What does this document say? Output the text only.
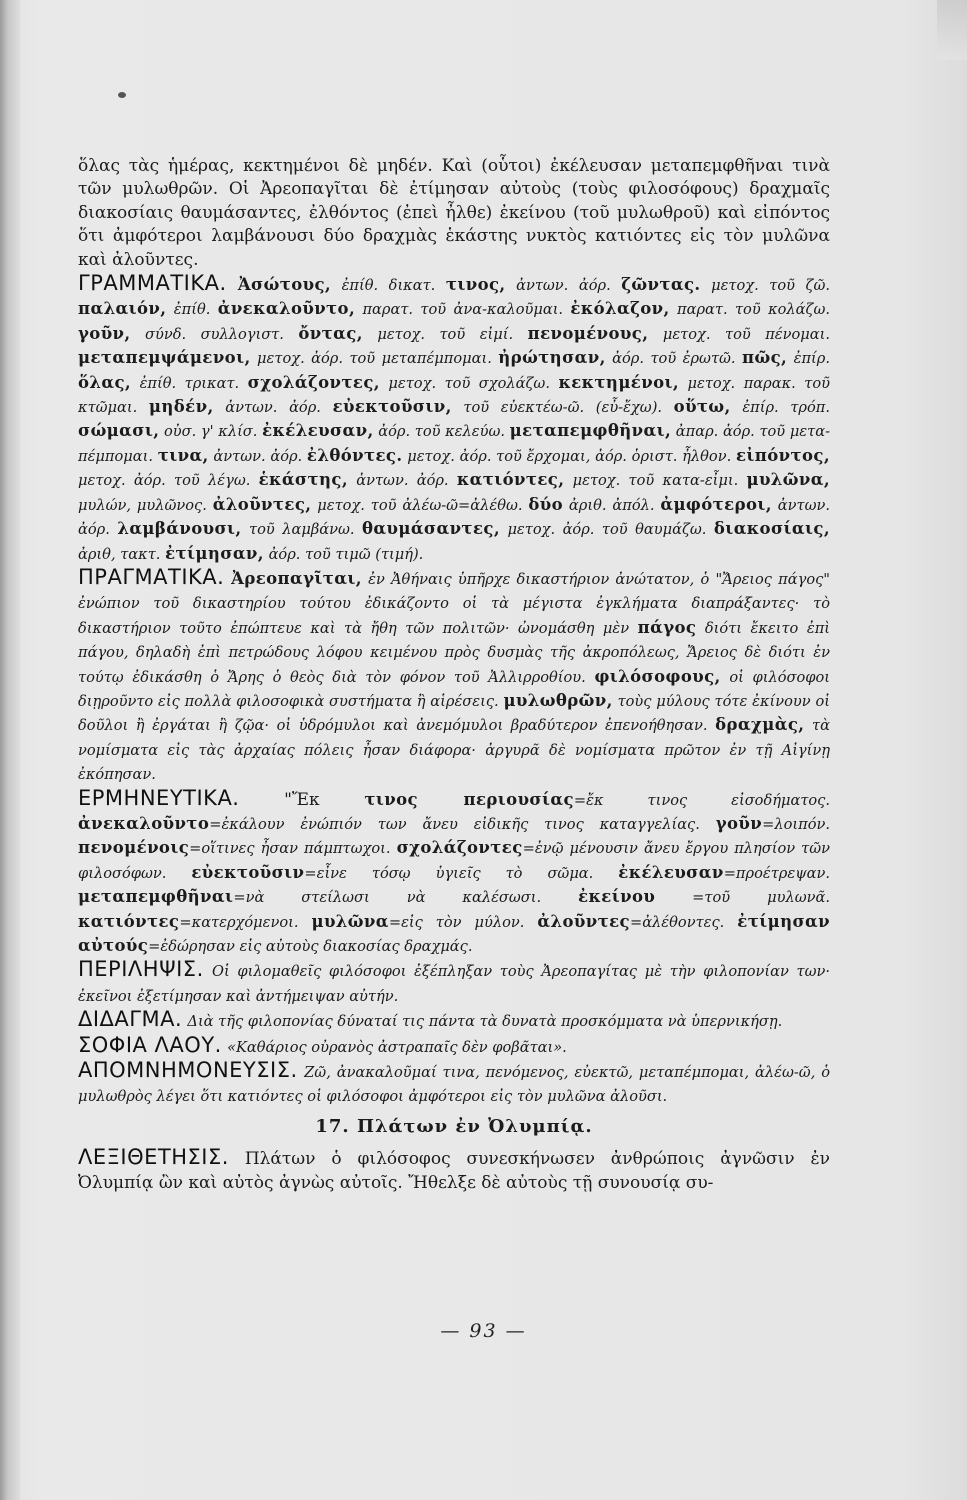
ὅλας τὰς ἡμέρας, κεκτημένοι δὲ μηδέν. Καὶ (οὗτοι) ἐκέλευσαν μεταπεμφθῆναι τινὰ τῶν μυλωθρῶν. Οἱ Ἀρεοπαγῖται δὲ ἐτίμησαν αὐτοὺς (τοὺς φιλοσόφους) δραχμαῖς διακοσίαις θαυμάσαντες, ἐλθόντος (ἐπεὶ ἦλθε) ἐκείνου (τοῦ μυλωθροῦ) καὶ εἰπόντος ὅτι ἀμφότεροι λαμβάνουσι δύο δραχμὰς ἑκάστης νυκτὸς κατιόντες εἰς τὸν μυλῶνα καὶ ἀλοῦντες.

ΓΡΑΜΜΑΤΙΚΑ. Ἀσώτους, ἐπίθ. δικατ. τινος, ἀντων. ἀόρ. ζῶντας. μετοχ. τοῦ ζῶ. παλαιόν, ἐπίθ. ἀνεκαλοῦντο, παρατ. τοῦ ἀνα-καλοῦμαι. ἐκόλαζον, παρατ. τοῦ κολάζω. γοῦν, σύνδ. συλλογιστ. ὄντας, μετοχ. τοῦ εἰμί. πενομένους, μετοχ. τοῦ πένομαι. μεταπεμψάμενοι, μετοχ. ἀόρ. τοῦ μεταπέμπομαι. ἠρώτησαν, ἀόρ. τοῦ ἐρωτῶ. πῶς, ἐπίρ. ὅλας, ἐπίθ. τρικατ. σχολάζοντες, μετοχ. τοῦ σχολάζω. κεκτημένοι, μετοχ. παρακ. τοῦ κτῶμαι. μηδέν, ἀντων. ἀόρ. εὐεκτοῦσιν, τοῦ εὐεκτέω-ῶ. (εὖ-ἔχω). οὕτω, ἐπίρ. τρόπ. σώμασι, οὐσ. γ' κλίσ. ἐκέλευσαν, ἀόρ. τοῦ κελεύω. μεταπεμφθῆναι, ἀπαρ. ἀόρ. τοῦ μετα-πέμπομαι. τινα, ἀντων. ἀόρ. ἐλθόντες. μετοχ. ἀόρ. τοῦ ἔρχομαι, ἀόρ. ὁριστ. ἦλθον. εἰπόντος, μετοχ. ἀόρ. τοῦ λέγω. ἑκάστης, ἀντων. ἀόρ. κατιόντες, μετοχ. τοῦ κατα-εἶμι. μυλῶνα, μυλών, μυλῶνος. ἀλοῦντες, μετοχ. τοῦ ἀλέω-ῶ=ἀλέθω. δύο ἀριθ. ἀπόλ. ἀμφότεροι, ἀντων. ἀόρ. λαμβάνουσι, τοῦ λαμβάνω. θαυμάσαντες, μετοχ. ἀόρ. τοῦ θαυμάζω. διακοσίαις, ἀριθ, τακτ. ἐτίμησαν, ἀόρ. τοῦ τιμῶ (τιμή).

ΠΡΑΓΜΑΤΙΚΑ. Ἀρεοπαγῖται, ἐν Ἀθήναις ὑπῆρχε δικαστήριον ἀνώτατον, ὁ "Ἄρειος πάγος" ἐνώπιον τοῦ δικαστηρίου τούτου ἐδικάζοντο οἱ τὰ μέγιστα ἐγκλήματα διαπράξαντες· τὸ δικαστήριον τοῦτο ἐπώπτευε καὶ τὰ ἤθη τῶν πολιτῶν· ὠνομάσθη μὲν πάγος διότι ἔκειτο ἐπὶ πάγου, δηλαδὴ ἐπὶ πετρώδους λόφου κειμένου πρὸς δυσμὰς τῆς ἀκροπόλεως, Ἄρειος δὲ διότι ἐν τούτῳ ἐδικάσθη ὁ Ἄρης ὁ θεὸς διὰ τὸν φόνον τοῦ Ἀλλιρροθίου. φιλόσοφους, οἱ φιλόσοφοι διῃροῦντο εἰς πολλὰ φιλοσοφικὰ συστήματα ἢ αἱρέσεις. μυλωθρῶν, τοὺς μύλους τότε ἐκίνουν οἱ δοῦλοι ἢ ἐργάται ἢ ζῷα· οἱ ὑδρόμυλοι καὶ ἀνεμόμυλοι βραδύτερον ἐπενοήθησαν. δραχμὰς, τὰ νομίσματα εἰς τὰς ἀρχαίας πόλεις ἦσαν διάφορα· ἀργυρᾶ δὲ νομίσματα πρῶτον ἐν τῇ Αἰγίνῃ ἐκόπησαν.

ΕΡΜΗΝΕΥΤΙΚΑ.	"Ἔκ τινος περιουσίας=ἔκ τινος εἰσοδήματος. ἀνεκαλοῦντο=ἐκάλουν ἐνώπιόν των ἄνευ εἰδικῆς τινος καταγγελίας. γοῦν=λοιπόν. πενομένοις=οἵτινες ἦσαν πάμπτωχοι. σχολάζοντες=ἐνῷ μένουσιν ἄνευ ἔργου πλησίον τῶν φιλοσόφων. εὐεκτοῦσιν=εἶνε τόσῳ ὑγιεῖς τὸ σῶμα. ἐκέλευσαν=προέτρεψαν. μεταπεμφθῆναι=νὰ στείλωσι νὰ καλέσωσι. ἐκείνου =τοῦ μυλωνᾶ. κατιόντες=κατερχόμενοι. μυλῶνα=εἰς τὸν μύλον. ἀλοῦντες=ἀλέθοντες. ἐτίμησαν αὐτούς=ἐδώρησαν εἰς αὐτοὺς διακοσίας δραχμάς.

ΠΕΡΙΛΗΨΙΣ. Οἱ φιλομαθεῖς φιλόσοφοι ἐξέπληξαν τοὺς Ἀρεοπαγίτας μὲ τὴν φιλοπονίαν των· ἐκεῖνοι ἐξετίμησαν καὶ ἀντήμειψαν αὐτήν.

ΔΙΔΑΓΜΑ. Διὰ τῆς φιλοπονίας δύναταί τις πάντα τὰ δυνατὰ προσκόμματα νὰ ὑπερνικήσῃ.

ΣΟΦΙΑ ΛΑΟΥ. «Καθάριος οὐρανὸς ἀστραπαῖς δὲν φοβᾶται».

ΑΠΟΜΝΗΜΟΝΕΥΣΙΣ. Ζῶ, ἀνακαλοῦμαί τινα, πενόμενος, εὐεκτῶ, μεταπέμπομαι, ἀλέω-ῶ, ὁ μυλωθρὸς λέγει ὅτι κατιόντες οἱ φιλόσοφοι ἀμφότεροι εἰς τὸν μυλῶνα ἀλοῦσι.

17. Πλάτων ἐν Ὀλυμπίᾳ.

ΛΕΞΙΘΕΤΗΣΙΣ. Πλάτων ὁ φιλόσοφος συνεσκήνωσεν ἀνθρώποις ἀγνῶσιν ἐν Ὀλυμπίᾳ ὢν καὶ αὐτὸς ἀγνὼς αὐτοῖς. Ἤθελξε δὲ αὐτοὺς τῇ συνουσίᾳ συ-

— 93 —
